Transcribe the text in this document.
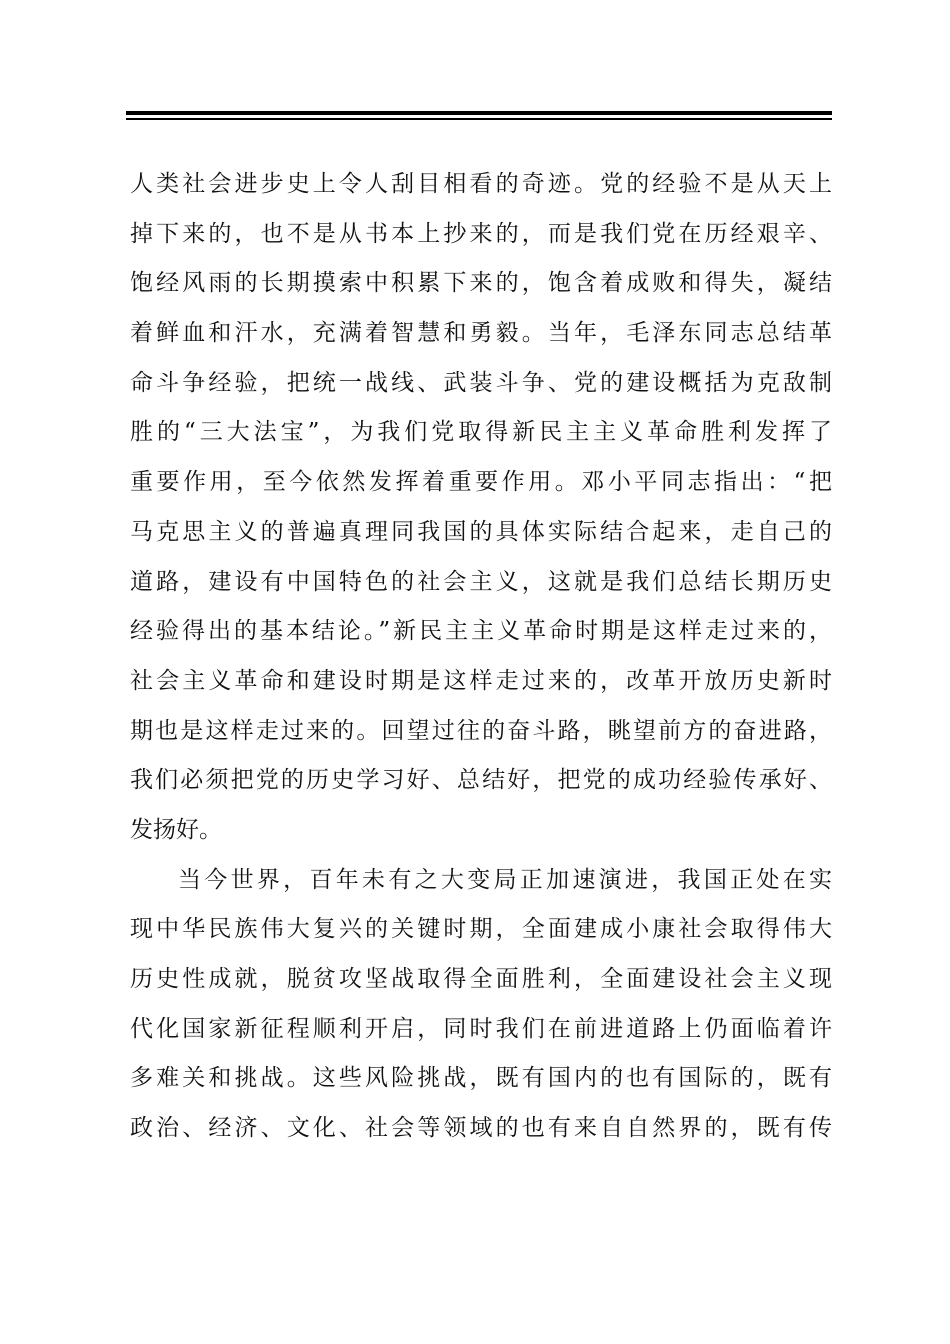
人类社会进步史上令人刮目相看的奇迹。党的经验不是从天上
掉下来的，也不是从书本上抄来的，而是我们党在历经艰辛、
饱经风雨的长期摸索中积累下来的，饱含着成败和得失，凝结
着鲜血和汗水，充满着智慧和勇毅。当年，毛泽东同志总结革
命斗争经验，把统一战线、武装斗争、党的建设概括为克敌制
胜的“三大法宝”，为我们党取得新民主主义革命胜利发挥了
重要作用，至今依然发挥着重要作用。邓小平同志指出：“把
马克思主义的普遍真理同我国的具体实际结合起来，走自己的
道路，建设有中国特色的社会主义，这就是我们总结长期历史
经验得出的基本结论。”新民主主义革命时期是这样走过来的，
社会主义革命和建设时期是这样走过来的，改革开放历史新时
期也是这样走过来的。回望过往的奋斗路，眺望前方的奋进路，
我们必须把党的历史学习好、总结好，把党的成功经验传承好、
发扬好。
当今世界，百年未有之大变局正加速演进，我国正处在实
现中华民族伟大复兴的关键时期，全面建成小康社会取得伟大
历史性成就，脱贫攻坚战取得全面胜利，全面建设社会主义现
代化国家新征程顺利开启，同时我们在前进道路上仍面临着许
多难关和挑战。这些风险挑战，既有国内的也有国际的，既有
政治、经济、文化、社会等领域的也有来自自然界的，既有传
